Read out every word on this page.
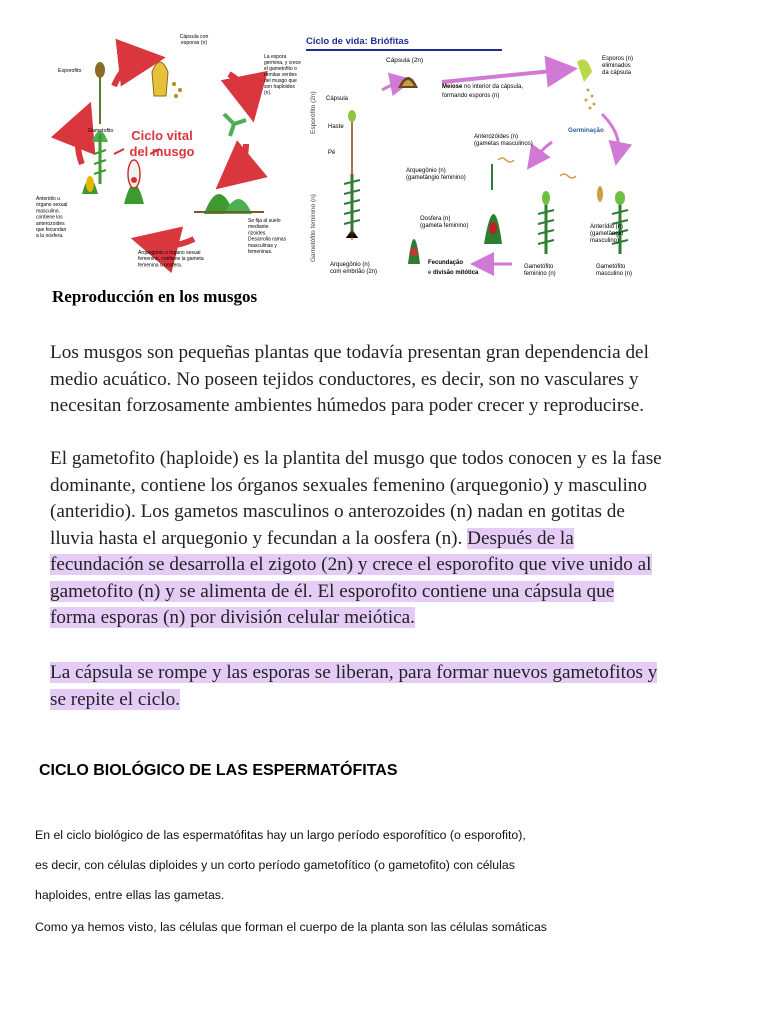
Ciclo vital
del musgo
Cápsula con
esporas (n)
Esporofito
La espora
germina, y crece
el gametofito o
ramitas verdes
del musgo que
son haploides
(n).
Gametofito
Anteridio u
órgano sexual
masculino,
contiene los
anterozoides
que fecundan
a la oosfera.
Arquegonio u órgano sexual
femenino, contiene la gameta
femenina u oosfera.
Se fija al suelo
mediante
rizoides.
Desarrolla ramas
masculinas y
femeninas.
Ciclo de vida: Briófitas
Esporófito (2n)
Gametófito feminino (n)
Cápsula (2n)	Esporos (n)
eliminados
da cápsula
Meiose no interior da cápsula,
formando esporos (n)
Cápsula
Haste
Pé
Germinação
Anterozóides (n)
(gametas masculinos)
Arquegônio (n)
(gametângio feminino)
Oosfera (n)
(gameta feminino)	Anterídio (n)
(gametângio
masculino)
Arquegônio (n)
com embrião (2n)
Fecundação
e divisão mitótica
Gametófito
feminino (n)
Gametófito
masculino (n)
Reproducción en los musgos
Los musgos son pequeñas plantas que todavía presentan gran dependencia del
medio acuático. No poseen tejidos conductores, es decir, son no vasculares y
necesitan forzosamente ambientes húmedos para poder crecer y reproducirse.
El gametofito (haploide) es la plantita del musgo que todos conocen y es la fase
dominante, contiene los órganos sexuales femenino (arquegonio) y masculino
(anteridio). Los gametos masculinos o anterozoides (n) nadan en gotitas de
lluvia hasta el arquegonio y fecundan a la oosfera (n). Después de la
fecundación se desarrolla el zigoto (2n) y crece el esporofito que vive unido al
gametofito (n) y se alimenta de él. El esporofito contiene una cápsula que
forma esporas (n) por división celular meiótica.
La cápsula se rompe y las esporas se liberan, para formar nuevos gametofitos y
se repite el ciclo.
CICLO BIOLÓGICO DE LAS ESPERMATÓFITAS
En el ciclo biológico de las espermatófitas hay un largo período esporofítico (o esporofito),
es decir, con células diploides y un corto período gametofítico (o gametofito) con células
haploides, entre ellas las gametas.
Como ya hemos visto, las células que forman el cuerpo de la planta son las células somáticas
